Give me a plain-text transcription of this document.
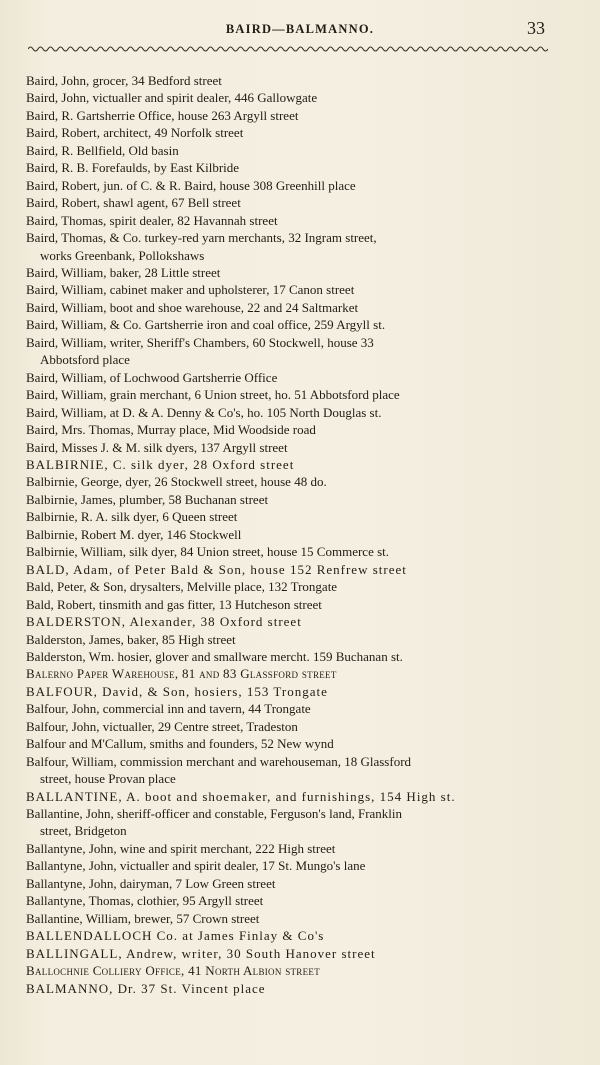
BAIRD—BALMANNO.	33
Baird, John, grocer, 34 Bedford street
Baird, John, victualler and spirit dealer, 446 Gallowgate
Baird, R. Gartsherrie Office, house 263 Argyll street
Baird, Robert, architect, 49 Norfolk street
Baird, R. Bellfield, Old basin
Baird, R. B. Forefaulds, by East Kilbride
Baird, Robert, jun. of C. & R. Baird, house 308 Greenhill place
Baird, Robert, shawl agent, 67 Bell street
Baird, Thomas, spirit dealer, 82 Havannah street
Baird, Thomas, & Co. turkey-red yarn merchants, 32 Ingram street,
works Greenbank, Pollokshaws
Baird, William, baker, 28 Little street
Baird, William, cabinet maker and upholsterer, 17 Canon street
Baird, William, boot and shoe warehouse, 22 and 24 Saltmarket
Baird, William, & Co. Gartsherrie iron and coal office, 259 Argyll st.
Baird, William, writer, Sheriff's Chambers, 60 Stockwell, house 33
Abbotsford place
Baird, William, of Lochwood Gartsherrie Office
Baird, William, grain merchant, 6 Union street, ho. 51 Abbotsford place
Baird, William, at D. & A. Denny & Co's, ho. 105 North Douglas st.
Baird, Mrs. Thomas, Murray place, Mid Woodside road
Baird, Misses J. & M. silk dyers, 137 Argyll street
BALBIRNIE, C. silk dyer, 28 Oxford street
Balbirnie, George, dyer, 26 Stockwell street, house 48 do.
Balbirnie, James, plumber, 58 Buchanan street
Balbirnie, R. A. silk dyer, 6 Queen street
Balbirnie, Robert M. dyer, 146 Stockwell
Balbirnie, William, silk dyer, 84 Union street, house 15 Commerce st.
BALD, Adam, of Peter Bald & Son, house 152 Renfrew street
Bald, Peter, & Son, drysalters, Melville place, 132 Trongate
Bald, Robert, tinsmith and gas fitter, 13 Hutcheson street
BALDERSTON, Alexander, 38 Oxford street
Balderston, James, baker, 85 High street
Balderston, Wm. hosier, glover and smallware mercht. 159 Buchanan st.
Balerno Paper Warehouse, 81 and 83 Glassford street
BALFOUR, David, & Son, hosiers, 153 Trongate
Balfour, John, commercial inn and tavern, 44 Trongate
Balfour, John, victualler, 29 Centre street, Tradeston
Balfour and M'Callum, smiths and founders, 52 New wynd
Balfour, William, commission merchant and warehouseman, 18 Glassford
street, house Provan place
BALLANTINE, A. boot and shoemaker, and furnishings, 154 High st.
Ballantine, John, sheriff-officer and constable, Ferguson's land, Franklin
street, Bridgeton
Ballantyne, John, wine and spirit merchant, 222 High street
Ballantyne, John, victualler and spirit dealer, 17 St. Mungo's lane
Ballantyne, John, dairyman, 7 Low Green street
Ballantyne, Thomas, clothier, 95 Argyll street
Ballantine, William, brewer, 57 Crown street
BALLENDALLOCH Co. at James Finlay & Co's
BALLINGALL, Andrew, writer, 30 South Hanover street
Ballochnie Colliery Office, 41 North Albion street
BALMANNO, Dr. 37 St. Vincent place
